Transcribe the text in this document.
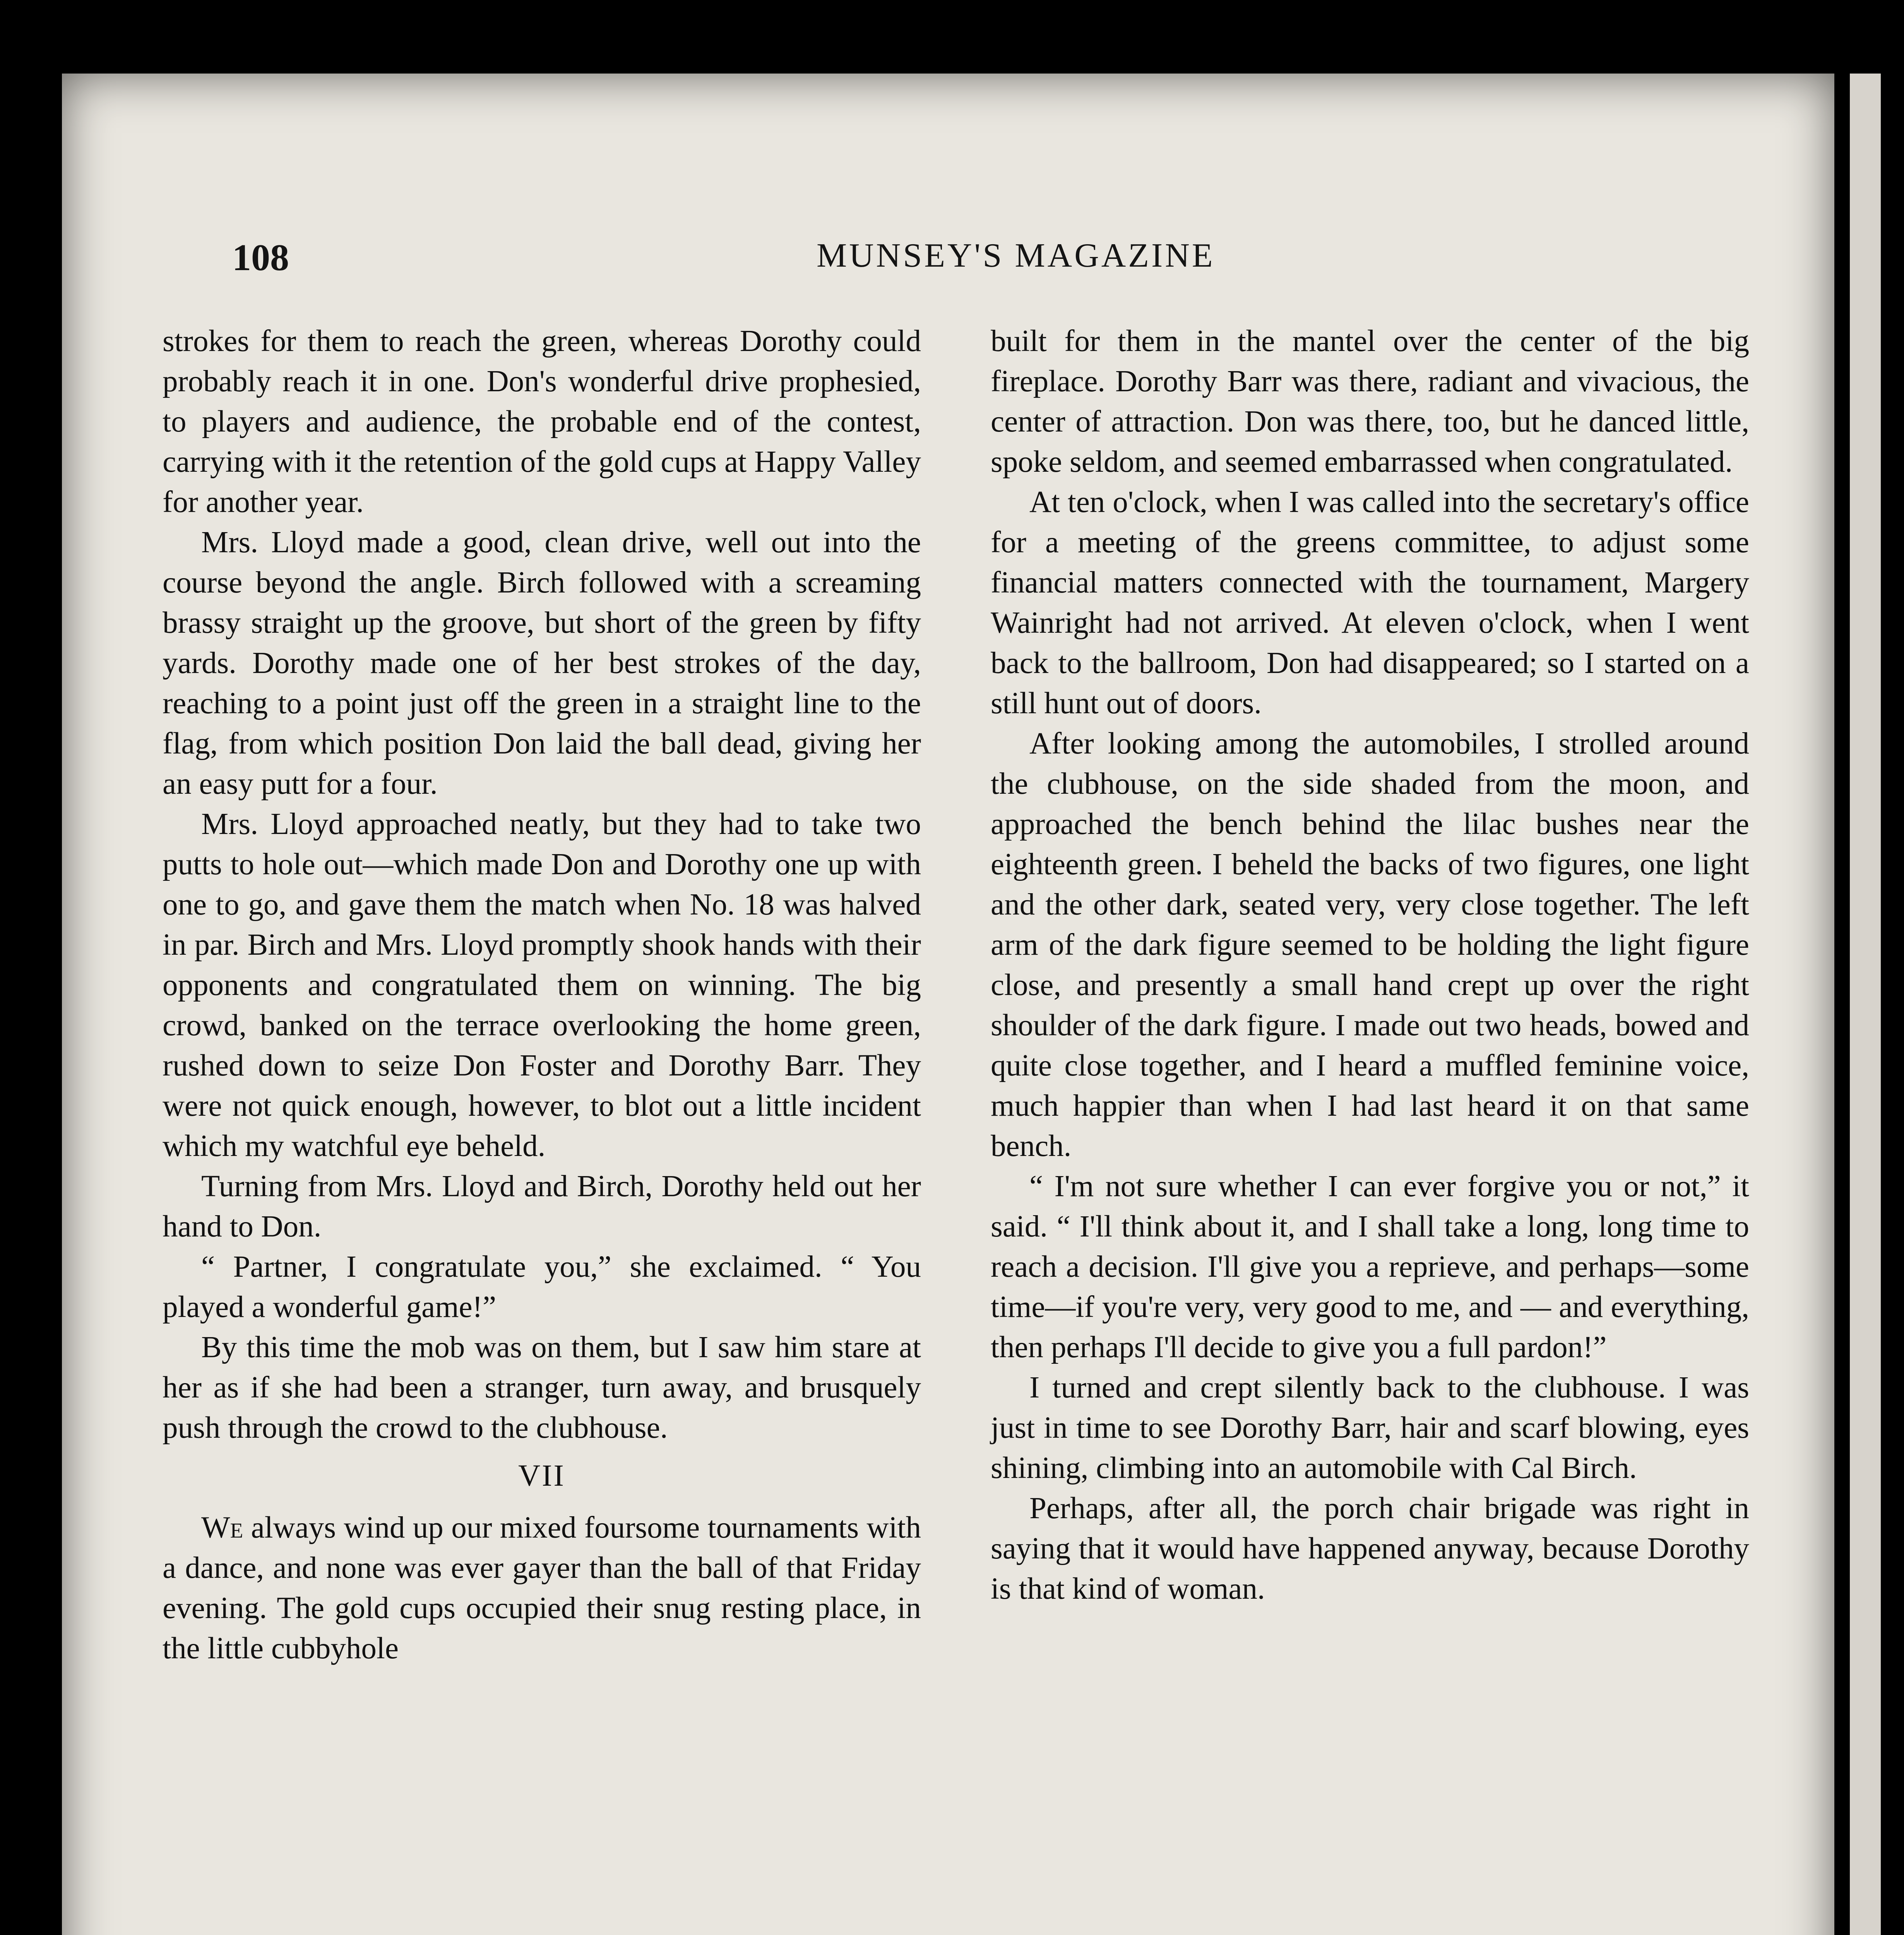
108	MUNSEY'S MAGAZINE

strokes for them to reach the green, whereas Dorothy could probably reach it in one. Don's wonderful drive prophesied, to players and audience, the probable end of the contest, carrying with it the retention of the gold cups at Happy Valley for another year.

Mrs. Lloyd made a good, clean drive, well out into the course beyond the angle. Birch followed with a screaming brassy straight up the groove, but short of the green by fifty yards. Dorothy made one of her best strokes of the day, reaching to a point just off the green in a straight line to the flag, from which position Don laid the ball dead, giving her an easy putt for a four.

Mrs. Lloyd approached neatly, but they had to take two putts to hole out—which made Don and Dorothy one up with one to go, and gave them the match when No. 18 was halved in par. Birch and Mrs. Lloyd promptly shook hands with their opponents and congratulated them on winning. The big crowd, banked on the terrace overlooking the home green, rushed down to seize Don Foster and Dorothy Barr. They were not quick enough, however, to blot out a little incident which my watchful eye beheld.

Turning from Mrs. Lloyd and Birch, Dorothy held out her hand to Don.

“ Partner, I congratulate you,” she exclaimed. “ You played a wonderful game!”

By this time the mob was on them, but I saw him stare at her as if she had been a stranger, turn away, and brusquely push through the crowd to the clubhouse.

VII

We always wind up our mixed foursome tournaments with a dance, and none was ever gayer than the ball of that Friday evening. The gold cups occupied their snug resting place, in the little cubbyhole

built for them in the mantel over the center of the big fireplace. Dorothy Barr was there, radiant and vivacious, the center of attraction. Don was there, too, but he danced little, spoke seldom, and seemed embarrassed when congratulated.

At ten o'clock, when I was called into the secretary's office for a meeting of the greens committee, to adjust some financial matters connected with the tournament, Margery Wainright had not arrived. At eleven o'clock, when I went back to the ballroom, Don had disappeared; so I started on a still hunt out of doors.

After looking among the automobiles, I strolled around the clubhouse, on the side shaded from the moon, and approached the bench behind the lilac bushes near the eighteenth green. I beheld the backs of two figures, one light and the other dark, seated very, very close together. The left arm of the dark figure seemed to be holding the light figure close, and presently a small hand crept up over the right shoulder of the dark figure. I made out two heads, bowed and quite close together, and I heard a muffled feminine voice, much happier than when I had last heard it on that same bench.

“ I'm not sure whether I can ever forgive you or not,” it said. “ I'll think about it, and I shall take a long, long time to reach a decision. I'll give you a reprieve, and perhaps—some time—if you're very, very good to me, and — and everything, then perhaps I'll decide to give you a full pardon!”

I turned and crept silently back to the clubhouse. I was just in time to see Dorothy Barr, hair and scarf blowing, eyes shining, climbing into an automobile with Cal Birch.

Perhaps, after all, the porch chair brigade was right in saying that it would have happened anyway, because Dorothy is that kind of woman.
